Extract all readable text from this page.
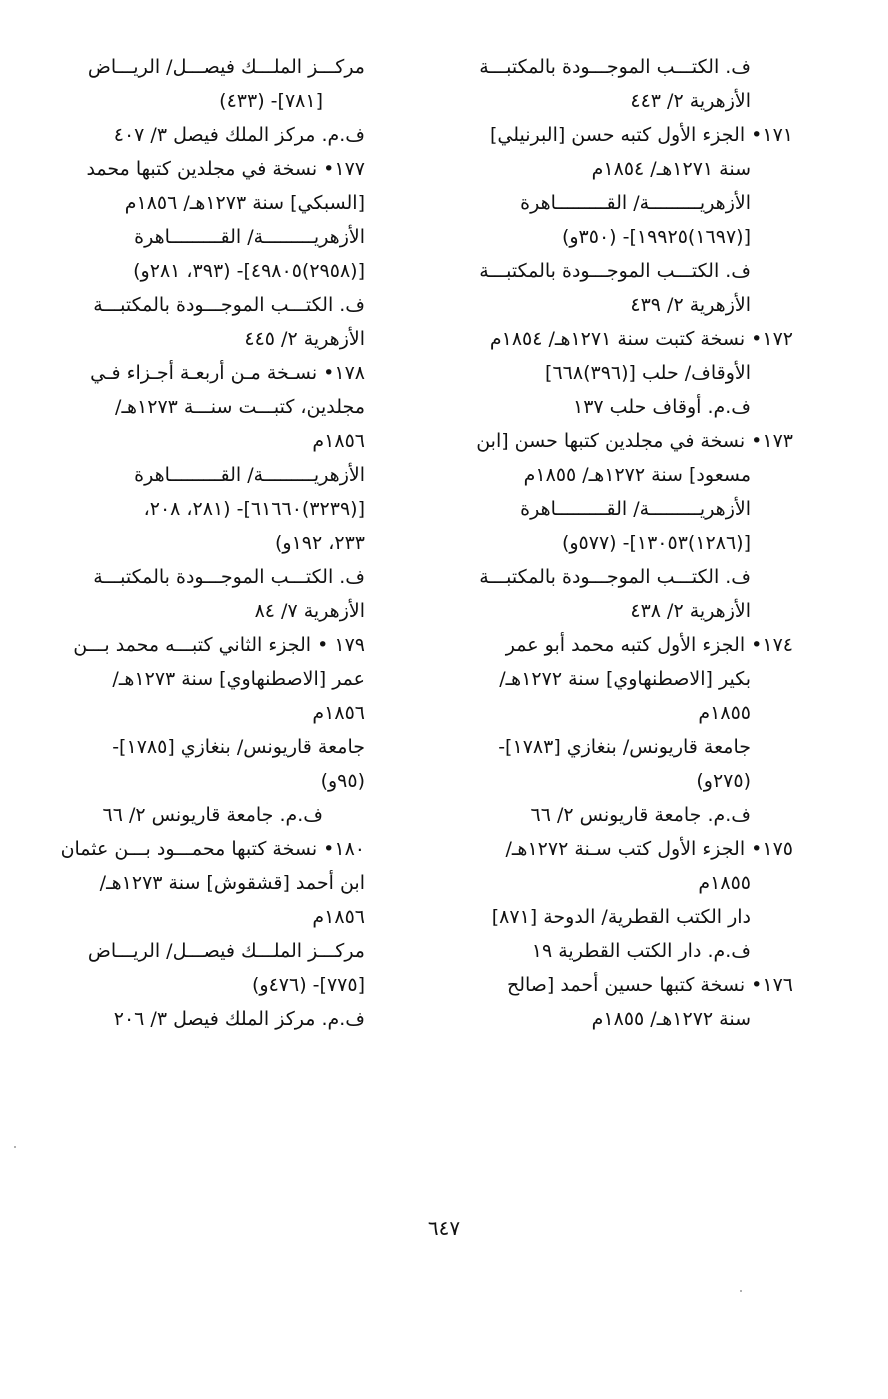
ف. الكتـــب الموجـــودة بالمكتبـــة
الأزهرية ٢/ ٤٤٣
١٧١• الجزء الأول كتبه حسن [البرنيلي]
سنة ١٢٧١هـ/ ١٨٥٤م
الأزهريـــــــــة/ القـــــــــاهرة
[(١٦٩٧)١٩٩٢٥]- (٣٥٠و)
ف. الكتـــب الموجـــودة بالمكتبـــة
الأزهرية ٢/ ٤٣٩
١٧٢• نسخة كتبت سنة ١٢٧١هـ/ ١٨٥٤م
الأوقاف/ حلب [(٣٩٦)٦٦٨]
ف.م. أوقاف حلب ١٣٧
١٧٣• نسخة في مجلدين كتبها حسن [ابن
مسعود] سنة ١٢٧٢هـ/ ١٨٥٥م
الأزهريـــــــــة/ القـــــــــاهرة
[(١٢٨٦)١٣٠٥٣]- (٥٧٧و)
ف. الكتـــب الموجـــودة بالمكتبـــة
الأزهرية ٢/ ٤٣٨
١٧٤• الجزء الأول كتبه محمد أبو عمر
بكير [الاصطنهاوي] سنة ١٢٧٢هـ/
١٨٥٥م
جامعة قاريونس/ بنغازي [١٧٨٣]-
(٢٧٥و)
ف.م. جامعة قاريونس ٢/ ٦٦
١٧٥• الجزء الأول كتب سـنة ١٢٧٢هـ/
١٨٥٥م
دار الكتب القطرية/ الدوحة [٨٧١]
ف.م. دار الكتب القطرية ١٩
١٧٦• نسخة كتبها حسين أحمد [صالح
سنة ١٢٧٢هـ/ ١٨٥٥م
مركـــز الملـــك فيصـــل/ الريـــاض
[٧٨١]- (٤٣٣)
ف.م. مركز الملك فيصل ٣/ ٤٠٧
١٧٧• نسخة في مجلدين كتبها محمد
[السبكي] سنة ١٢٧٣هـ/ ١٨٥٦م
الأزهريـــــــــة/ القـــــــــاهرة
[(٢٩٥٨)٤٩٨٠٥]- (٣٩٣، ٢٨١و)
ف. الكتـــب الموجـــودة بالمكتبـــة
الأزهرية ٢/ ٤٤٥
١٧٨• نسـخة مـن أربعـة أجـزاء فـي
مجلدين، كتبـــت سنـــة ١٢٧٣هـ/
١٨٥٦م
الأزهريـــــــــة/ القـــــــــاهرة
[(٣٢٣٩)٦١٦٦٠]- (٢٨١، ٢٠٨،
٢٣٣، ١٩٢و)
ف. الكتـــب الموجـــودة بالمكتبـــة
الأزهرية ٧/ ٨٤
١٧٩ • الجزء الثاني كتبـــه محمد بـــن
عمر [الاصطنهاوي] سنة ١٢٧٣هـ/
١٨٥٦م
جامعة قاريونس/ بنغازي [١٧٨٥]-
(٩٥و)
ف.م. جامعة قاريونس ٢/ ٦٦
١٨٠• نسخة كتبها محمـــود بـــن عثمان
ابن أحمد [قشقوش] سنة ١٢٧٣هـ/
١٨٥٦م
مركـــز الملـــك فيصـــل/ الريـــاض
[٧٧٥]- (٤٧٦و)
ف.م. مركز الملك فيصل ٣/ ٢٠٦
٦٤٧
